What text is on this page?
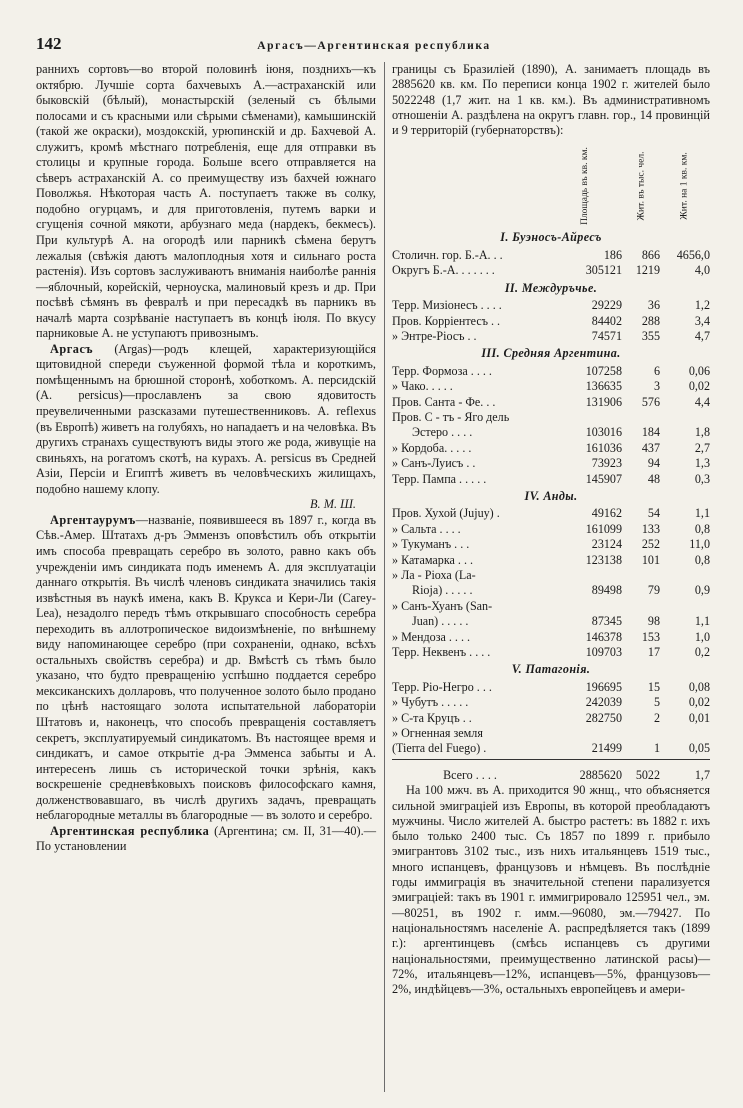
142	Аргасъ—Аргентинская республика

раннихъ сортовъ—во второй половинѣ іюня, позднихъ—къ октябрю. Лучшіе сорта бахчевыхъ А.—астраханскій или быковскій (бѣлый), монастырскій (зеленый съ бѣлыми полосами и съ красными или сѣрыми сѣменами), камышинскій (такой же окраски), моздокскій, урюпинскій и др. Бахчевой А. служитъ, кромѣ мѣстнаго потребленія, еще для отправки въ столицы и крупные города. Больше всего отправляется на сѣверъ астраханскій А. со преимуществу изъ бахчей южнаго Поволжья. Нѣкоторая часть А. поступаетъ также въ солку, подобно огурцамъ, и для приготовленія, путемъ варки и сгущенія сочной мякоти, арбузнаго меда (нардекъ, бекмесъ). При культурѣ А. на огородѣ или парникѣ сѣмена берутъ лежалыя (свѣжія даютъ малоплодныя хотя и сильнаго роста растенія). Изъ сортовъ заслуживаютъ вниманія наиболѣе раннія—яблочный, корейскій, черноуска, малиновый крезъ и др. При посѣвѣ сѣмянъ въ февралѣ и при пересадкѣ въ парникъ въ началѣ марта созрѣваніе наступаетъ въ концѣ іюля. По вкусу парниковые А. не уступаютъ привознымъ.

Аргасъ (Argas)—родъ клещей, характеризующійся щитовидной спереди съуженной формой тѣла и короткимъ, помѣщеннымъ на брюшной сторонѣ, хоботкомъ. А. персидскій (A. persicus)—прославленъ за свою ядовитость преувеличенными разсказами путешественниковъ. А. reflexus (въ Европѣ) живетъ на голубяхъ, но нападаетъ и на человѣка. Въ другихъ странахъ существуютъ виды этого же рода, живущіе на свиньяхъ, на рогатомъ скотѣ, на курахъ. А. persicus въ Средней Азіи, Персіи и Египтѣ живетъ въ человѣческихъ жилищахъ, подобно нашему клопу.

В. М. Ш.

Аргентаурумъ—названіе, появившееся въ 1897 г., когда въ Сѣв.-Амер. Штатахъ д-ръ Эммензъ оповѣстилъ объ открытіи имъ способа превращать серебро въ золото, равно какъ объ учрежденіи имъ синдиката подъ именемъ А. для эксплуатаціи даннаго открытія. Въ числѣ членовъ синдиката значились такія извѣстныя въ наукѣ имена, какъ В. Крукса и Кери-Ли (Carey-Lea), незадолго передъ тѣмъ открывшаго способность серебра переходить въ аллотропическое видоизмѣненіе, по внѣшнему виду напоминающее серебро (при сохраненіи, однако, всѣхъ остальныхъ свойствъ серебра) и др. Вмѣстѣ съ тѣмъ было указано, что будто превращенію успѣшно поддается серебро мексиканскихъ долларовъ, что полученное золото было продано по цѣнѣ настоящаго золота испытательной лабораторіи Штатовъ и, наконецъ, что способъ превращенія составляетъ секретъ, эксплуатируемый синдикатомъ. Въ настоящее время и синдикатъ, и самое открытіе д-ра Эмменса забыты и А. интересенъ лишь съ исторической точки зрѣнія, какъ воскрешеніе средневѣковыхъ поисковъ философскаго камня, долженствовавшаго, въ числѣ другихъ задачъ, превращать неблагородные металлы въ благородные — въ золото и серебро.

Аргентинская республика (Аргентина; см. II, 31—40).—По установлении

границы съ Бразиліей (1890), А. занимаетъ площадь въ 2885620 кв. км. По переписи конца 1902 г. жителей было 5022248 (1,7 жит. на 1 кв. км.). Въ административномъ отношеніи А. раздѣлена на округъ главн. гор., 14 провинцій и 9 территорій (губернаторствъ):

Площадь въ кв. км.	Жит. въ тыс. чел.	Жит. на 1 кв. км.
I. Буэносъ-Айресъ
Столичн. гор. Б.-А. . .	186	866	4656,0
Округъ Б.-А. . . . . . .	305121	1219	4,0
II. Междуръчье.
Терр. Мизіонесъ . . . .	29229	36	1,2
Пров. Корріентесъ . .	84402	288	3,4
» Энтре-Ріосъ . .	74571	355	4,7
III. Средняя Аргентина.
Терр. Формоза . . . .	107258	6	0,06
» Чако. . . . .	136635	3	0,02
Пров. Санта - Фе. . .	131906	576	4,4
Пров. С - тъ - Яго дель
Эстеро . . . .	103016	184	1,8
» Кордоба. . . . .	161036	437	2,7
» Санъ-Луисъ . .	73923	94	1,3
Терр. Пампа . . . . .	145907	48	0,3
IV. Анды.
Пров. Хухой (Jujuy) .	49162	54	1,1
» Сальта . . . .	161099	133	0,8
» Тукуманъ . . .	23124	252	11,0
» Катамарка . . .	123138	101	0,8
» Ла - Ріоха (La-
Rioja) . . . . .	89498	79	0,9
» Санъ-Хуанъ (San-
Juan) . . . . .	87345	98	1,1
» Мендоза . . . .	146378	153	1,0
Терр. Неквенъ . . . .	109703	17	0,2
V. Патагонія.
Терр. Ріо-Негро . . .	196695	15	0,08
» Чубутъ . . . . .	242039	5	0,02
» С-та Круцъ . .	282750	2	0,01
» Огненная земля
(Tierra del Fuego) .	21499	1	0,05
Всего . . . .	2885620	5022	1,7

На 100 мжч. въ А. приходится 90 жнщ., что объясняется сильной эмиграціей изъ Европы, въ которой преобладаютъ мужчины. Число жителей А. быстро растетъ: въ 1882 г. ихъ было только 2400 тыс. Съ 1857 по 1899 г. прибыло эмигрантовъ 3102 тыс., изъ нихъ итальянцевъ 1519 тыс., много испанцевъ, французовъ и нѣмцевъ. Въ послѣдніе годы иммиграція въ значительной степени парализуется эмиграціей: такъ въ 1901 г. иммигрировало 125951 чел., эм.—80251, въ 1902 г. имм.—96080, эм.—79427. По національностямъ населеніе А. распредѣляется такъ (1899 г.): аргентинцевъ (смѣсь испанцевъ съ другими національностями, преимущественно латинской расы)—72%, итальянцевъ—12%, испанцевъ—5%, французовъ—2%, индѣйцевъ—3%, остальныхъ европейцевъ и амери-
